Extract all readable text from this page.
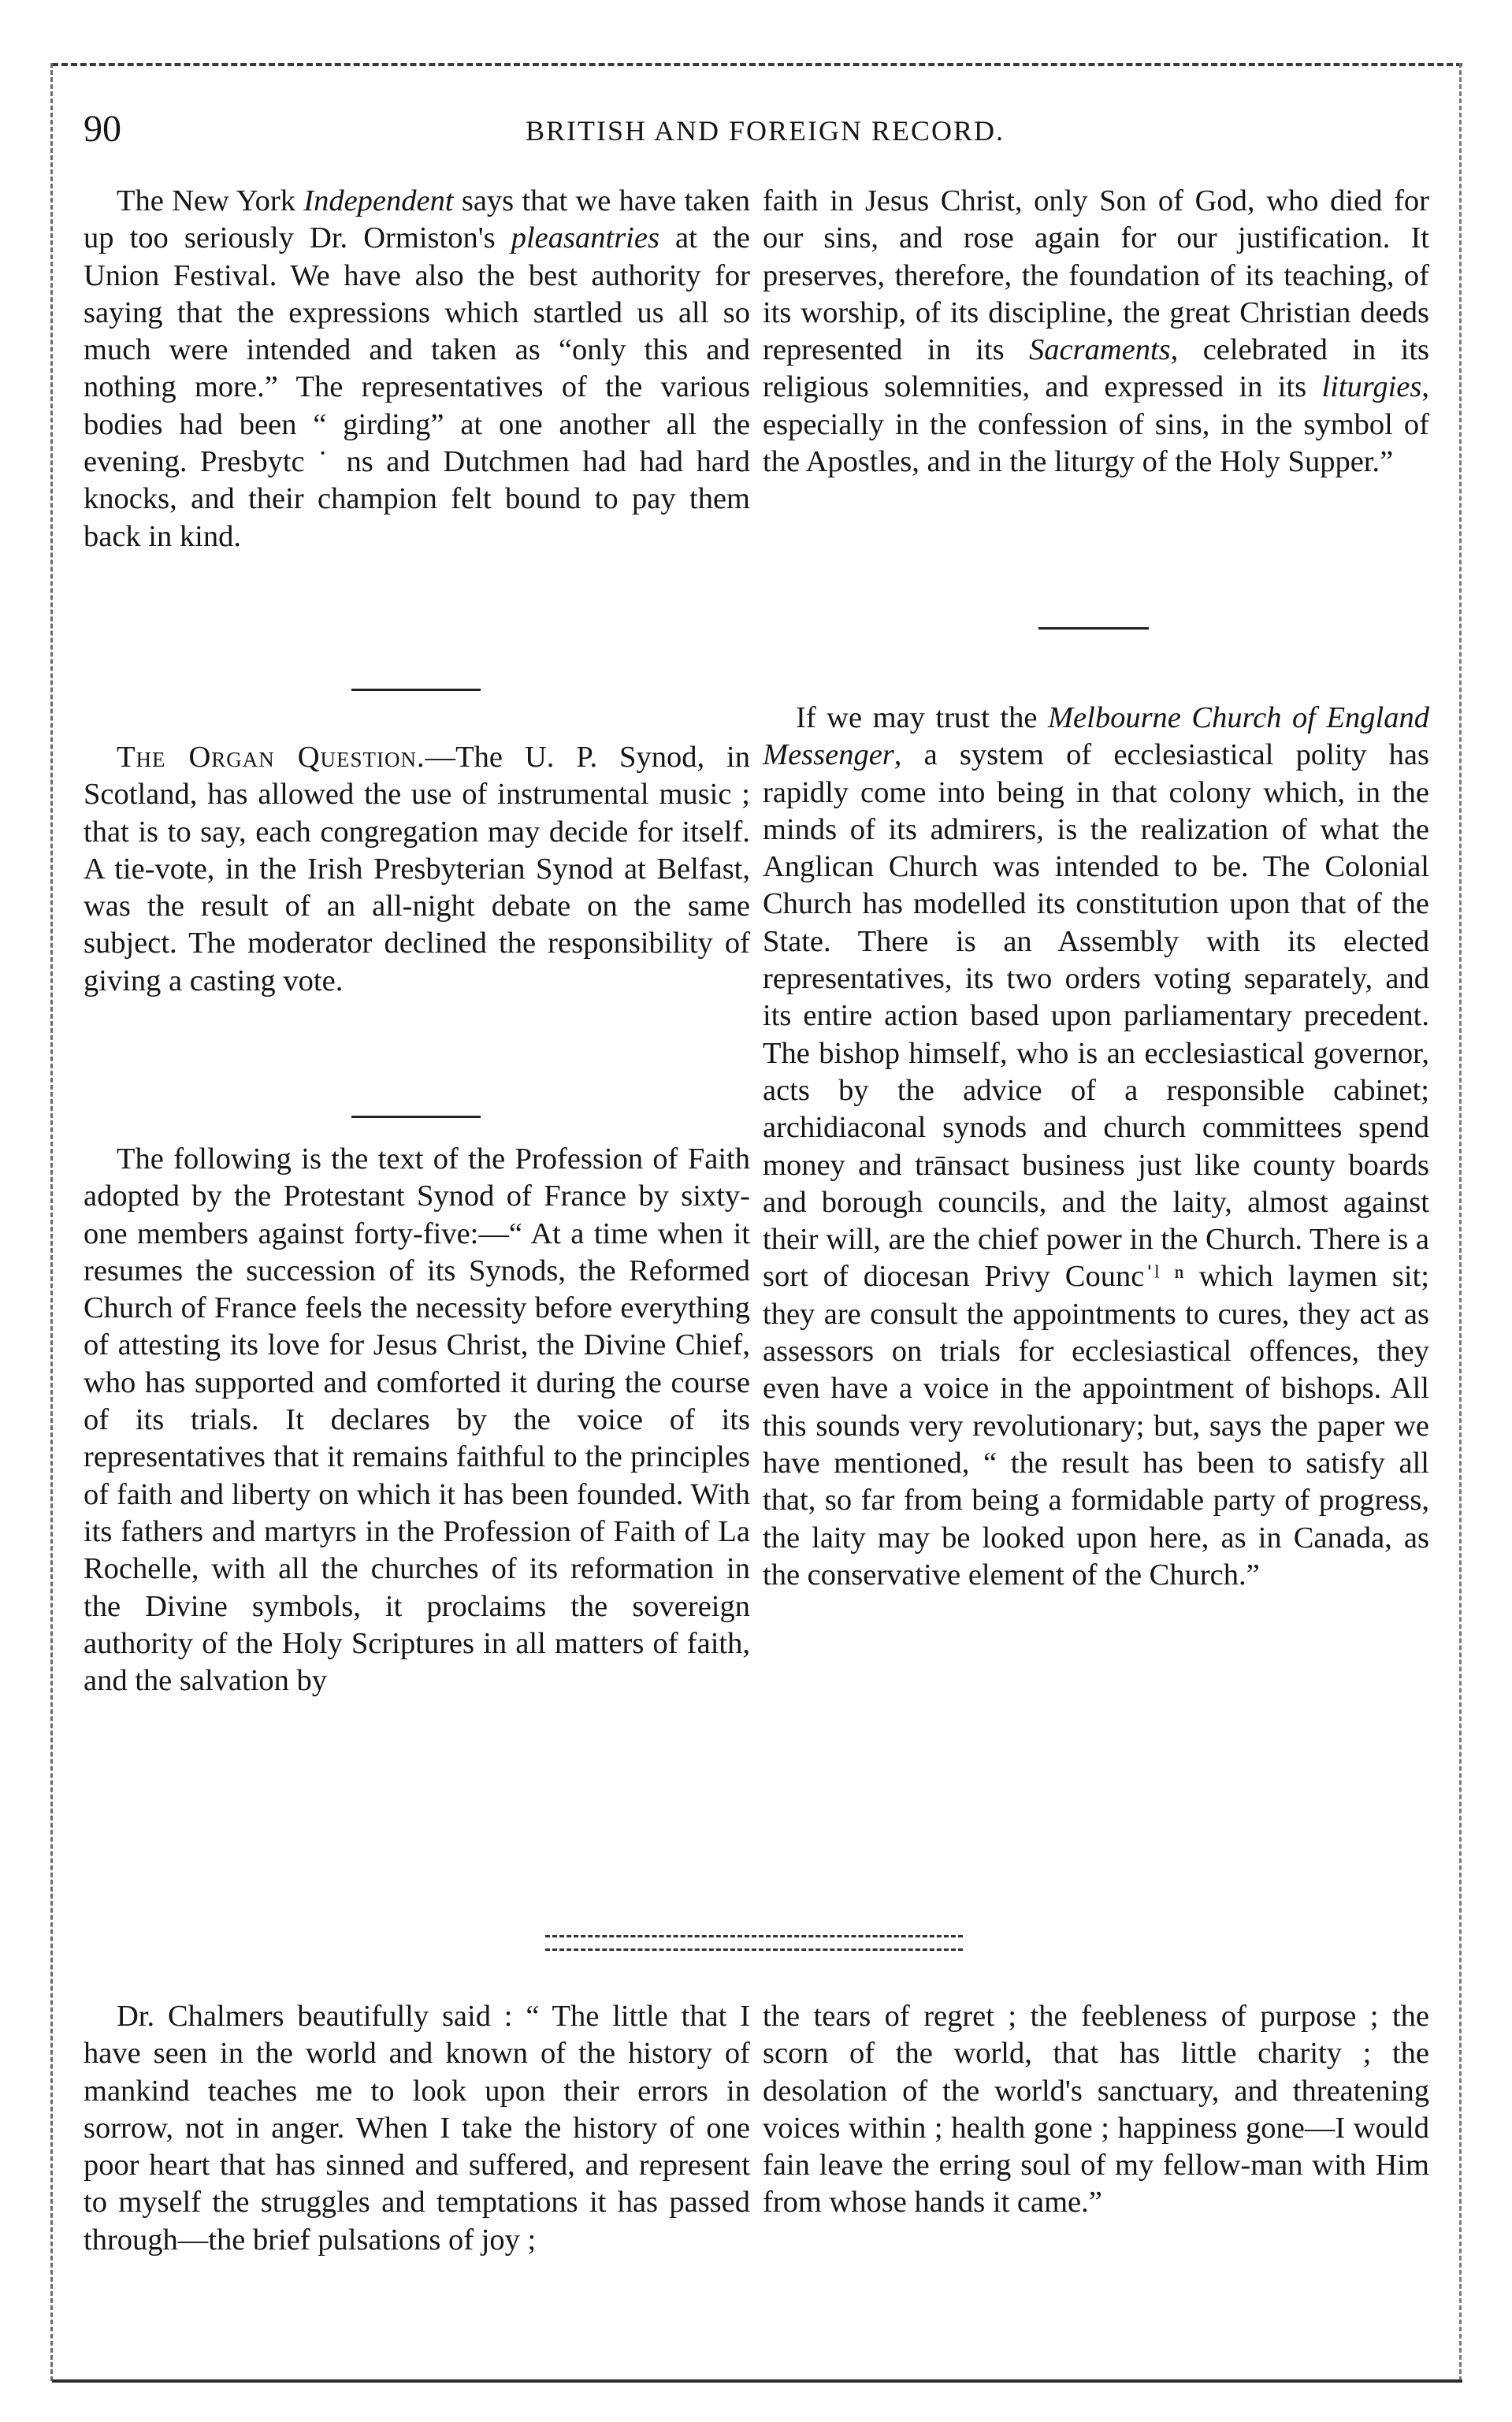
90	BRITISH AND FOREIGN RECORD.

The New York Independent says that we have taken up too seriously Dr. Ormiston's pleasantries at the Union Festival. We have also the best authority for saying that the expressions which startled us all so much were intended and taken as “only this and nothing more.” The representatives of the various bodies had been “ girding” at one another all the evening. Presbytc ˙ ns and Dutchmen had had hard knocks, and their champion felt bound to pay them back in kind.

The Organ Question.—The U. P. Synod, in Scotland, has allowed the use of instrumental music ; that is to say, each congregation may decide for itself. A tie-vote, in the Irish Presbyterian Synod at Belfast, was the result of an all-night debate on the same subject. The moderator declined the responsibility of giving a casting vote.

The following is the text of the Profession of Faith adopted by the Protestant Synod of France by sixty-one members against forty-five:—“ At a time when it resumes the succession of its Synods, the Reformed Church of France feels the necessity before everything of attesting its love for Jesus Christ, the Divine Chief, who has supported and comforted it during the course of its trials. It declares by the voice of its representatives that it remains faithful to the principles of faith and liberty on which it has been founded. With its fathers and martyrs in the Profession of Faith of La Rochelle, with all the churches of its reformation in the Divine symbols, it proclaims the sovereign authority of the Holy Scriptures in all matters of faith, and the salvation by

faith in Jesus Christ, only Son of God, who died for our sins, and rose again for our justification. It preserves, therefore, the foundation of its teaching, of its worship, of its discipline, the great Christian deeds represented in its Sacraments, celebrated in its religious solemnities, and expressed in its liturgies, especially in the confession of sins, in the symbol of the Apostles, and in the liturgy of the Holy Supper.”

If we may trust the Melbourne Church of England Messenger, a system of ecclesiastical polity has rapidly come into being in that colony which, in the minds of its admirers, is the realization of what the Anglican Church was intended to be. The Colonial Church has modelled its constitution upon that of the State. There is an Assembly with its elected representatives, its two orders voting separately, and its entire action based upon parliamentary precedent. The bishop himself, who is an ecclesiastical governor, acts by the advice of a responsible cabinet; archidiaconal synods and church committees spend money and trānsact business just like county boards and borough councils, and the laity, almost against their will, are the chief power in the Church. There is a sort of diocesan Privy Councˈˡ ⁿ which laymen sit; they are consult the appointments to cures, they act as assessors on trials for ecclesiastical offences, they even have a voice in the appointment of bishops. All this sounds very revolutionary; but, says the paper we have mentioned, “ the result has been to satisfy all that, so far from being a formidable party of progress, the laity may be looked upon here, as in Canada, as the conservative element of the Church.”

Dr. Chalmers beautifully said : “ The little that I have seen in the world and known of the history of mankind teaches me to look upon their errors in sorrow, not in anger. When I take the history of one poor heart that has sinned and suffered, and represent to myself the struggles and temptations it has passed through—the brief pulsations of joy ;

the tears of regret ; the feebleness of purpose ; the scorn of the world, that has little charity ; the desolation of the world's sanctuary, and threatening voices within ; health gone ; happiness gone—I would fain leave the erring soul of my fellow-man with Him from whose hands it came.”
